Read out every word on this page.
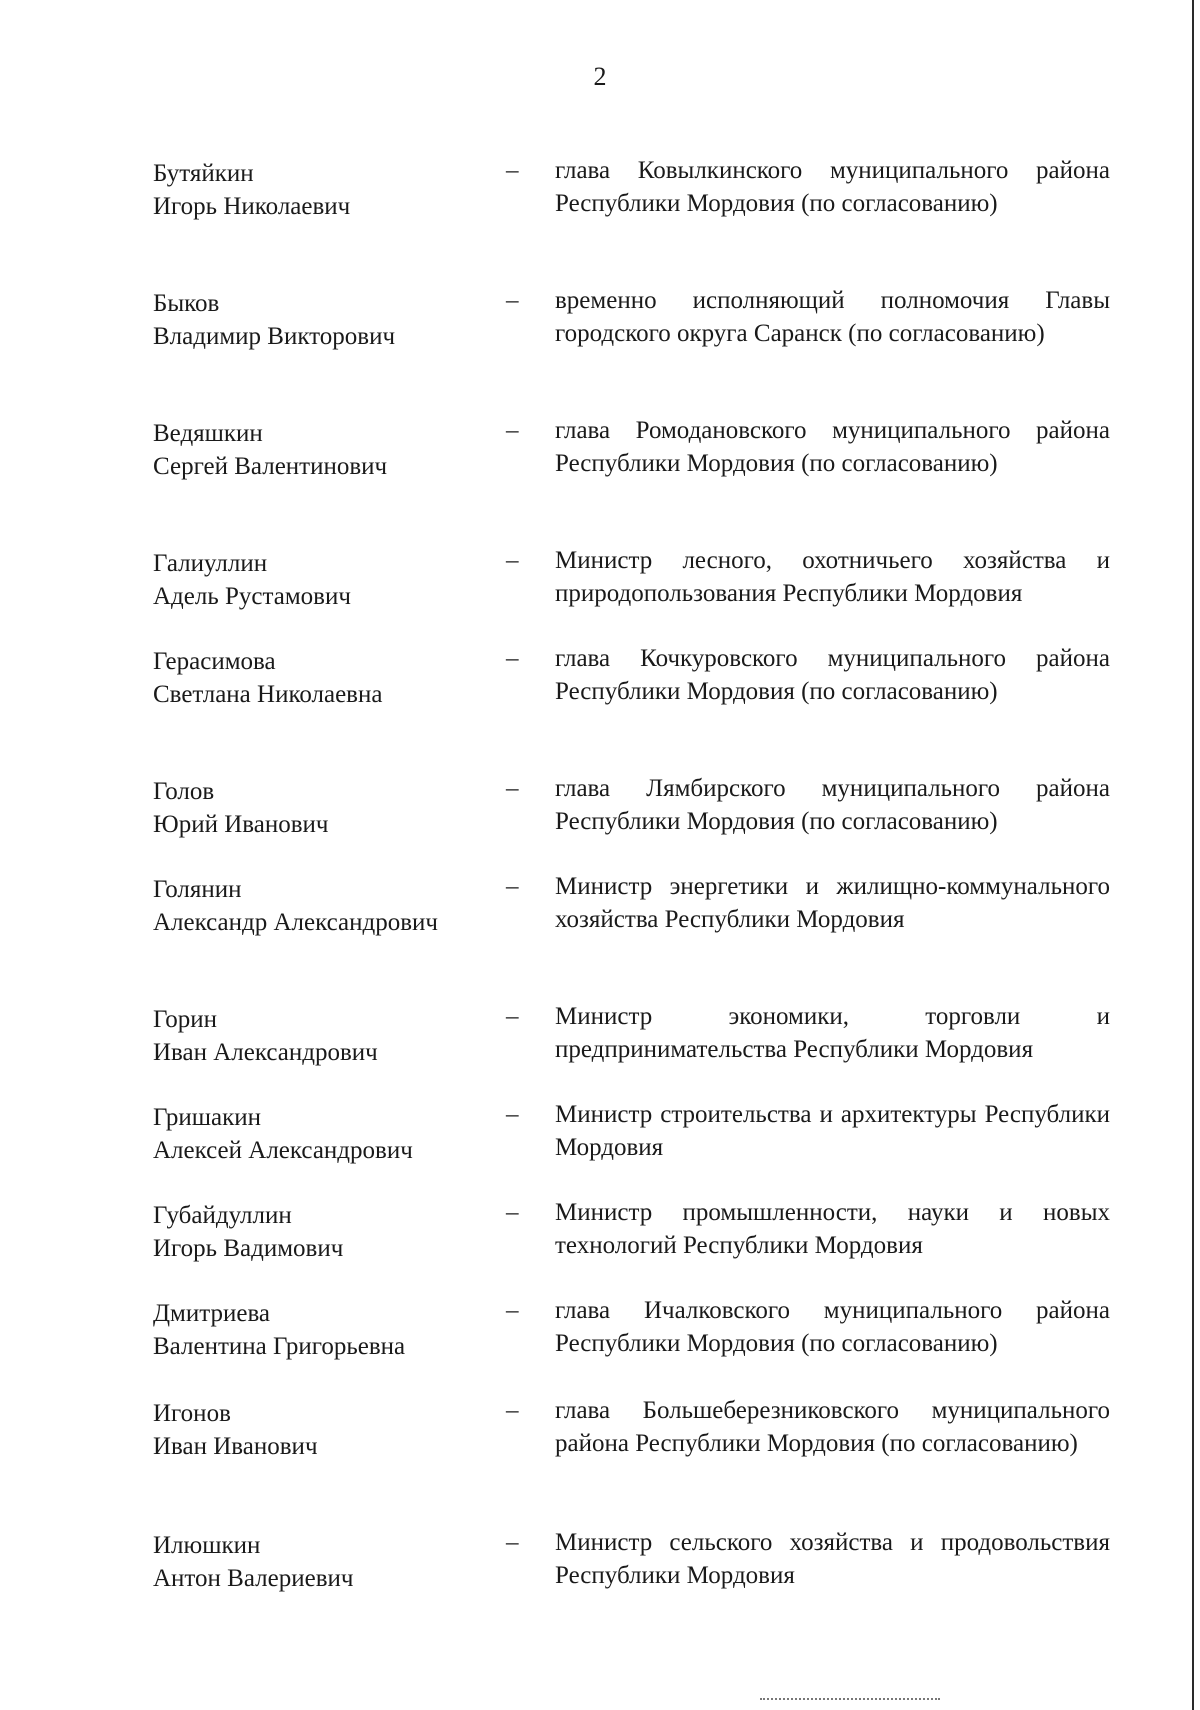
2
Бутяйкин
Игорь Николаевич
– глава Ковылкинского муниципального района Республики Мордовия (по согласованию)
Быков
Владимир Викторович
– временно исполняющий полномочия Главы городского округа Саранск (по согласованию)
Ведяшкин
Сергей Валентинович
– глава Ромодановского муниципального района Республики Мордовия (по согласованию)
Галиуллин
Адель Рустамович
– Министр лесного, охотничьего хозяйства и природопользования Республики Мордовия
Герасимова
Светлана Николаевна
– глава Кочкуровского муниципального района Республики Мордовия (по согласованию)
Голов
Юрий Иванович
– глава Лямбирского муниципального района Республики Мордовия (по согласованию)
Голянин
Александр Александрович
– Министр энергетики и жилищно-коммунального хозяйства Республики Мордовия
Горин
Иван Александрович
– Министр экономики, торговли и предпринимательства Республики Мордовия
Гришакин
Алексей Александрович
– Министр строительства и архитектуры Республики Мордовия
Губайдуллин
Игорь Вадимович
– Министр промышленности, науки и новых технологий Республики Мордовия
Дмитриева
Валентина Григорьевна
– глава Ичалковского муниципального района Республики Мордовия (по согласованию)
Игонов
Иван Иванович
– глава Большеберезниковского муниципального района Республики Мордовия (по согласованию)
Илюшкин
Антон Валериевич
– Министр сельского хозяйства и продовольствия Республики Мордовия
